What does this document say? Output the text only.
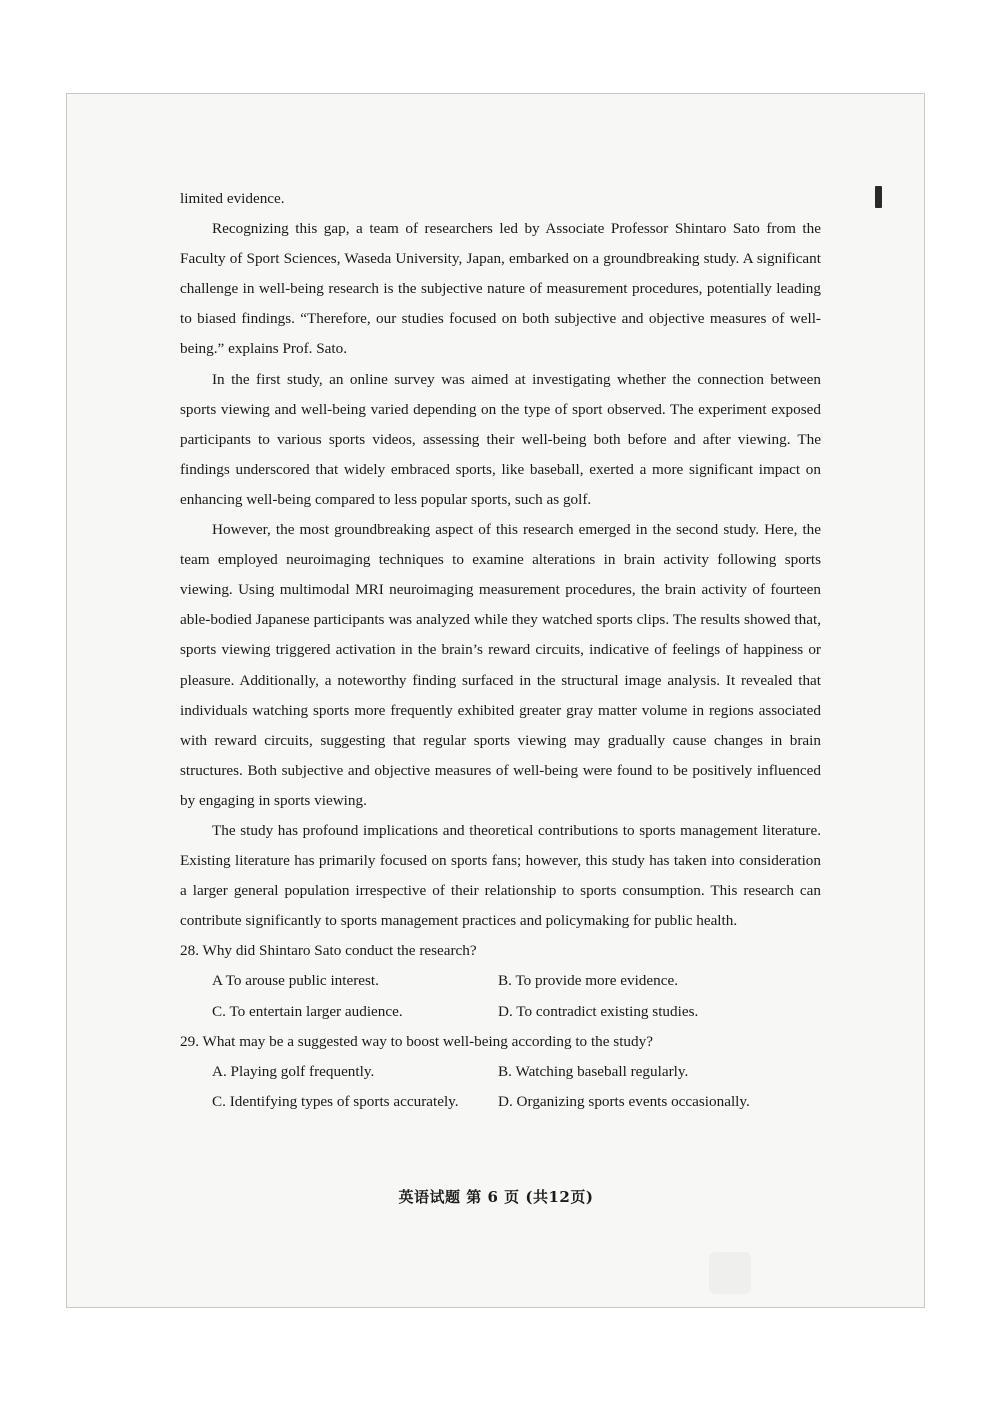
limited evidence.

Recognizing this gap, a team of researchers led by Associate Professor Shintaro Sato from the Faculty of Sport Sciences, Waseda University, Japan, embarked on a groundbreaking study. A significant challenge in well-being research is the subjective nature of measurement procedures, potentially leading to biased findings. “Therefore, our studies focused on both subjective and objective measures of well-being.” explains Prof. Sato.

In the first study, an online survey was aimed at investigating whether the connection between sports viewing and well-being varied depending on the type of sport observed. The experiment exposed participants to various sports videos, assessing their well-being both before and after viewing. The findings underscored that widely embraced sports, like baseball, exerted a more significant impact on enhancing well-being compared to less popular sports, such as golf.

However, the most groundbreaking aspect of this research emerged in the second study. Here, the team employed neuroimaging techniques to examine alterations in brain activity following sports viewing. Using multimodal MRI neuroimaging measurement procedures, the brain activity of fourteen able-bodied Japanese participants was analyzed while they watched sports clips. The results showed that, sports viewing triggered activation in the brain’s reward circuits, indicative of feelings of happiness or pleasure. Additionally, a noteworthy finding surfaced in the structural image analysis. It revealed that individuals watching sports more frequently exhibited greater gray matter volume in regions associated with reward circuits, suggesting that regular sports viewing may gradually cause changes in brain structures. Both subjective and objective measures of well-being were found to be positively influenced by engaging in sports viewing.

The study has profound implications and theoretical contributions to sports management literature. Existing literature has primarily focused on sports fans; however, this study has taken into consideration a larger general population irrespective of their relationship to sports consumption. This research can contribute significantly to sports management practices and policymaking for public health.

28. Why did Shintaro Sato conduct the research?

A To arouse public interest.	B. To provide more evidence.

C. To entertain larger audience.	D. To contradict existing studies.

29. What may be a suggested way to boost well-being according to the study?

A. Playing golf frequently.	B. Watching baseball regularly.

C. Identifying types of sports accurately.	D. Organizing sports events occasionally.

英语试题 第 6 页 (共12页)
